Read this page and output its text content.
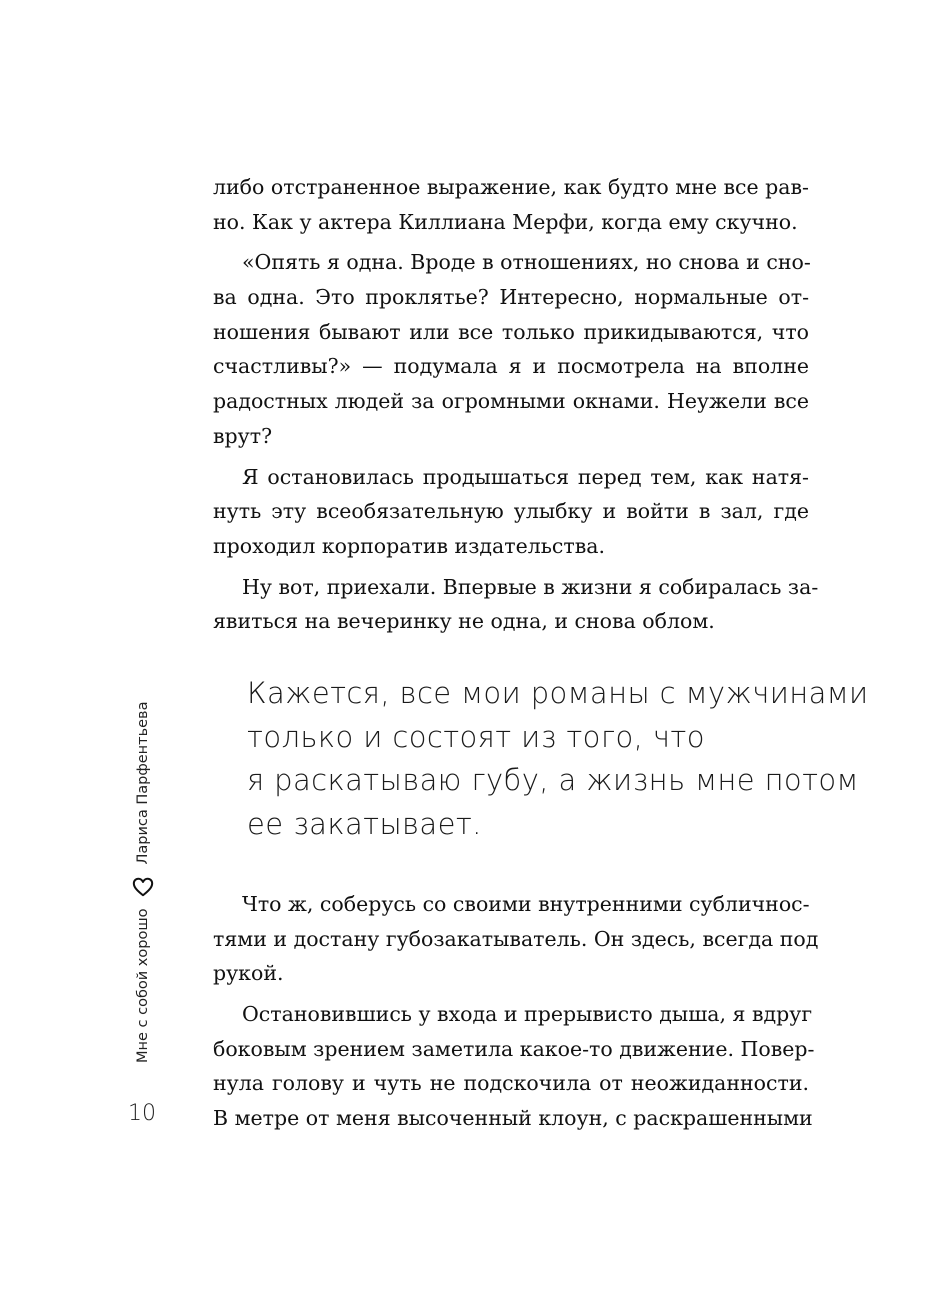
либо отстраненное выражение, как будто мне все рав-
но. Как у актера Киллиана Мерфи, когда ему скучно.
«Опять я одна. Вроде в отношениях, но снова и сно-
ва одна. Это проклятье? Интересно, нормальные от-
ношения бывают или все только прикидываются, что
счастливы?» — подумала я и посмотрела на вполне
радостных людей за огромными окнами. Неужели все
врут?
Я остановилась продышаться перед тем, как натя-
нуть эту всеобязательную улыбку и войти в зал, где
проходил корпоратив издательства.
Ну вот, приехали. Впервые в жизни я собиралась за-
явиться на вечеринку не одна, и снова облом.
Кажется, все мои романы с мужчинами
только и состоят из того, что
я раскатываю губу, а жизнь мне потом
ее закатывает.
Что ж, соберусь со своими внутренними субличнос-
тями и достану губозакатыватель. Он здесь, всегда под
рукой.
Остановившись у входа и прерывисто дыша, я вдруг
боковым зрением заметила какое-то движение. Повер-
нула голову и чуть не подскочила от неожиданности.
В метре от меня высоченный клоун, с раскрашенными
Мне с собой хорошо
Лариса Парфентьева
10
